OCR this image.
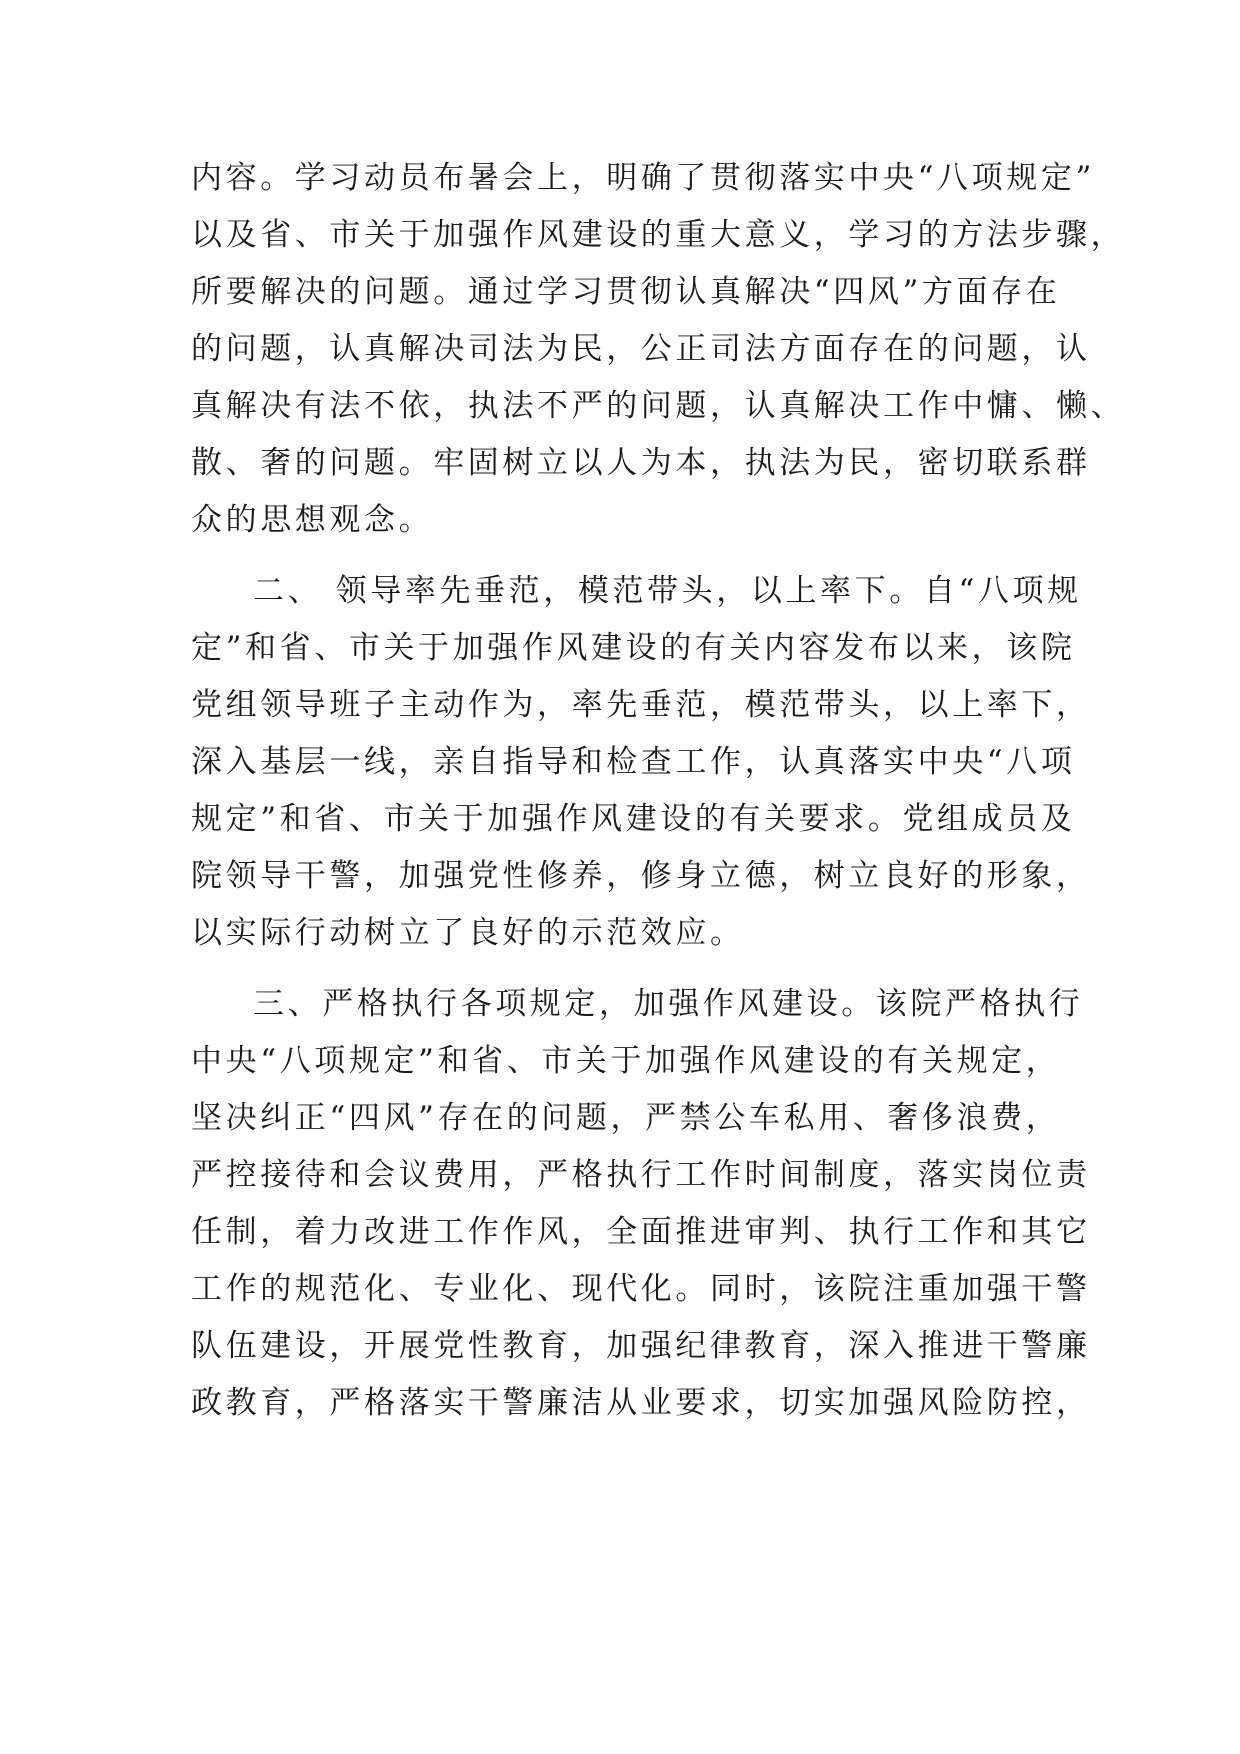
内容。学习动员布暑会上，明确了贯彻落实中央“八项规定”
以及省、市关于加强作风建设的重大意义，学习的方法步骤，
所要解决的问题。通过学习贯彻认真解决“四风”方面存在
的问题，认真解决司法为民，公正司法方面存在的问题，认
真解决有法不依，执法不严的问题，认真解决工作中慵、懒、
散、奢的问题。牢固树立以人为本，执法为民，密切联系群
众的思想观念。
二、 领导率先垂范，模范带头，以上率下。自“八项规
定”和省、市关于加强作风建设的有关内容发布以来，该院
党组领导班子主动作为，率先垂范，模范带头，以上率下，
深入基层一线，亲自指导和检查工作，认真落实中央“八项
规定”和省、市关于加强作风建设的有关要求。党组成员及
院领导干警，加强党性修养，修身立德，树立良好的形象，
以实际行动树立了良好的示范效应。
三、严格执行各项规定，加强作风建设。该院严格执行
中央“八项规定”和省、市关于加强作风建设的有关规定，
坚决纠正“四风”存在的问题，严禁公车私用、奢侈浪费，
严控接待和会议费用，严格执行工作时间制度，落实岗位责
任制，着力改进工作作风，全面推进审判、执行工作和其它
工作的规范化、专业化、现代化。同时，该院注重加强干警
队伍建设，开展党性教育，加强纪律教育，深入推进干警廉
政教育，严格落实干警廉洁从业要求，切实加强风险防控，
